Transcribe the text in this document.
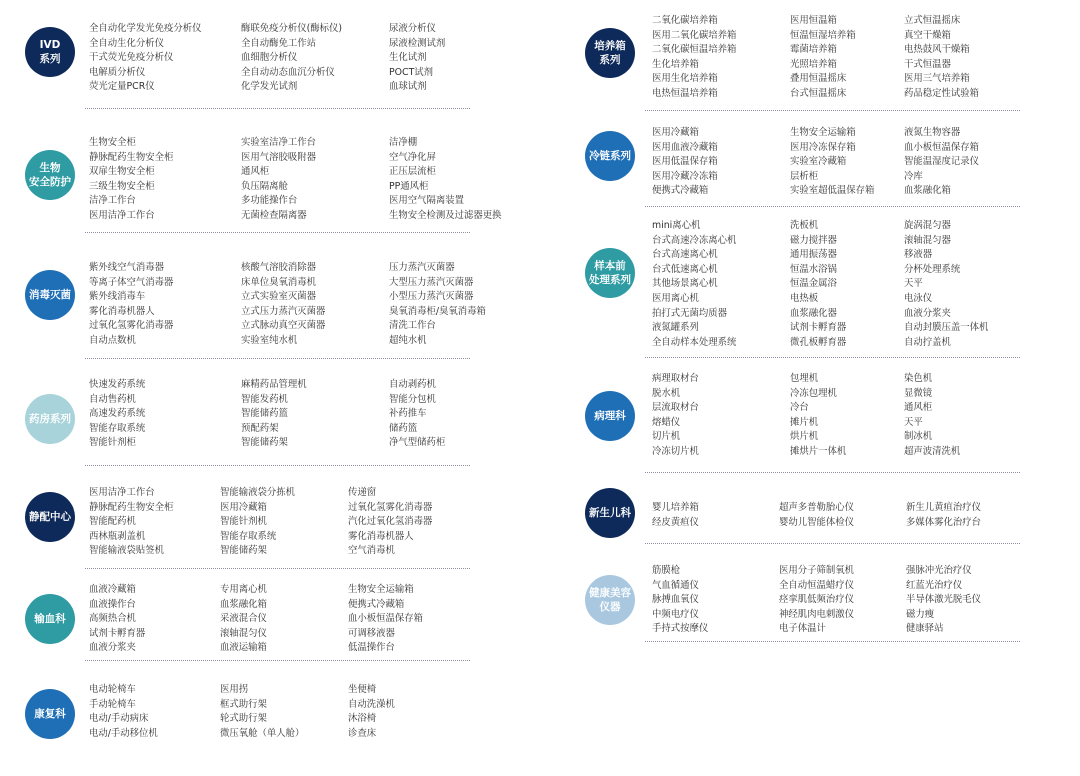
IVD
系列
全自动化学发光免疫分析仪	酶联免疫分析仪(酶标仪)	尿液分析仪
全自动生化分析仪	全自动酶免工作站	尿液检测试剂
干式荧光免疫分析仪	血细胞分析仪	生化试剂
电解质分析仪	全自动动态血沉分析仪	POCT试剂
荧光定量PCR仪	化学发光试剂	血球试剂
生物
安全防护
生物安全柜	实验室洁净工作台	洁净棚
静脉配药生物安全柜	医用气溶胶吸附器	空气净化屏
双扉生物安全柜	通风柜	正压层流柜
三级生物安全柜	负压隔离舱	PP通风柜
洁净工作台	多功能操作台	医用空气隔离装置
医用洁净工作台	无菌检查隔离器	生物安全检测及过滤器更换
消毒灭菌
紫外线空气消毒器	核酸气溶胶消除器	压力蒸汽灭菌器
等离子体空气消毒器	床单位臭氧消毒机	大型压力蒸汽灭菌器
紫外线消毒车	立式实验室灭菌器	小型压力蒸汽灭菌器
雾化消毒机器人	立式压力蒸汽灭菌器	臭氧消毒柜/臭氧消毒箱
过氧化氢雾化消毒器	立式脉动真空灭菌器	清洗工作台
自动点数机	实验室纯水机	超纯水机
药房系列
快速发药系统	麻精药品管理机	自动剥药机
自动售药机	智能发药机	智能分包机
高速发药系统	智能储药篮	补药推车
智能存取系统	预配药架	储药篮
智能针剂柜	智能储药架	净气型储药柜
静配中心
医用洁净工作台	智能输液袋分拣机	传递窗
静脉配药生物安全柜	医用冷藏箱	过氧化氢雾化消毒器
智能配药机	智能针剂机	汽化过氧化氢消毒器
西林瓶剥盖机	智能存取系统	雾化消毒机器人
智能输液袋贴签机	智能储药架	空气消毒机
输血科
血液冷藏箱	专用离心机	生物安全运输箱
血液操作台	血浆融化箱	便携式冷藏箱
高频热合机	采液混合仪	血小板恒温保存箱
试剂卡孵育器	滚轴混匀仪	可调移液器
血液分浆夹	血液运输箱	低温操作台
康复科
电动轮椅车	医用拐	坐便椅
手动轮椅车	框式助行架	自动洗澡机
电动/手动病床	轮式助行架	沐浴椅
电动/手动移位机	微压氧舱（单人舱）	诊查床
培养箱
系列
二氧化碳培养箱	医用恒温箱	立式恒温摇床
医用二氧化碳培养箱	恒温恒湿培养箱	真空干燥箱
二氧化碳恒温培养箱	霉菌培养箱	电热鼓风干燥箱
生化培养箱	光照培养箱	干式恒温器
医用生化培养箱	叠用恒温摇床	医用三气培养箱
电热恒温培养箱	台式恒温摇床	药品稳定性试验箱
冷链系列
医用冷藏箱	生物安全运输箱	液氮生物容器
医用血液冷藏箱	医用冷冻保存箱	血小板恒温保存箱
医用低温保存箱	实验室冷藏箱	智能温湿度记录仪
医用冷藏冷冻箱	层析柜	冷库
便携式冷藏箱	实验室超低温保存箱	血浆融化箱
样本前
处理系列
mini离心机	洗板机	旋涡混匀器
台式高速冷冻离心机	磁力搅拌器	滚轴混匀器
台式高速离心机	通用振荡器	移液器
台式低速离心机	恒温水浴锅	分杯处理系统
其他场景离心机	恒温金属浴	天平
医用离心机	电热板	电泳仪
拍打式无菌均质器	血浆融化器	血液分浆夹
液氮罐系列	试剂卡孵育器	自动封膜压盖一体机
全自动样本处理系统	微孔板孵育器	自动拧盖机
病理科
病理取材台	包埋机	染色机
脱水机	冷冻包埋机	显微镜
层流取材台	冷台	通风柜
熔蜡仪	摊片机	天平
切片机	烘片机	制冰机
冷冻切片机	摊烘片一体机	超声波清洗机
新生儿科 婴儿培养箱	超声多普勒胎心仪	新生儿黄疸治疗仪
经皮黄疸仪	婴幼儿智能体检仪	多媒体雾化治疗台
健康美容
仪器
筋膜枪	医用分子筛制氧机	强脉冲光治疗仪
气血循通仪	全自动恒温蜡疗仪	红蓝光治疗仪
脉搏血氧仪	痉挛肌低频治疗仪	半导体激光脱毛仪
中频电疗仪	神经肌肉电刺激仪	磁力瘦
手持式按摩仪	电子体温计	健康驿站
